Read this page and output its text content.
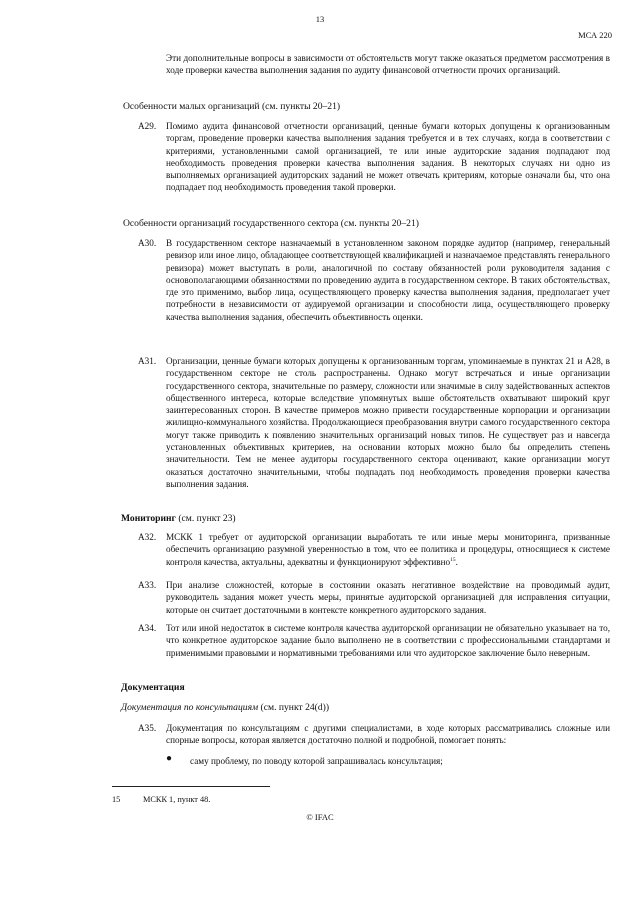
13
МСА 220

Эти дополнительные вопросы в зависимости от обстоятельств могут также оказаться предметом рассмотрения в ходе проверки качества выполнения задания по аудиту финансовой отчетности прочих организаций.

Особенности малых организаций (см. пункты 20–21)
A29. Помимо аудита финансовой отчетности организаций, ценные бумаги которых допущены к организованным торгам, проведение проверки качества выполнения задания требуется и в тех случаях, когда в соответствии с критериями, установленными самой организацией, те или иные аудиторские задания подпадают под необходимость проведения проверки качества выполнения задания. В некоторых случаях ни одно из выполняемых организацией аудиторских заданий не может отвечать критериям, которые означали бы, что она подпадает под необходимость проведения такой проверки.

Особенности организаций государственного сектора (см. пункты 20–21)
A30. В государственном секторе назначаемый в установленном законом порядке аудитор (например, генеральный ревизор или иное лицо, обладающее соответствующей квалификацией и назначаемое представлять генерального ревизора) может выступать в роли, аналогичной по составу обязанностей роли руководителя задания с основополагающими обязанностями по проведению аудита в государственном секторе. В таких обстоятельствах, где это применимо, выбор лица, осуществляющего проверку качества выполнения задания, предполагает учет потребности в независимости от аудируемой организации и способности лица, осуществляющего проверку качества выполнения задания, обеспечить объективность оценки.

A31. Организации, ценные бумаги которых допущены к организованным торгам, упоминаемые в пунктах 21 и A28, в государственном секторе не столь распространены. Однако могут встречаться и иные организации государственного сектора, значительные по размеру, сложности или значимые в силу задействованных аспектов общественного интереса, которые вследствие упомянутых выше обстоятельств охватывают широкий круг заинтересованных сторон. В качестве примеров можно привести государственные корпорации и организации жилищно-коммунального хозяйства. Продолжающиеся преобразования внутри самого государственного сектора могут также приводить к появлению значительных организаций новых типов. Не существует раз и навсегда установленных объективных критериев, на основании которых можно было бы определить степень значительности. Тем не менее аудиторы государственного сектора оценивают, какие организации могут оказаться достаточно значительными, чтобы подпадать под необходимость проведения проверки качества выполнения задания.

Мониторинг (см. пункт 23)
A32. МСКК 1 требует от аудиторской организации выработать те или иные меры мониторинга, призванные обеспечить организацию разумной уверенностью в том, что ее политика и процедуры, относящиеся к системе контроля качества, актуальны, адекватны и функционируют эффективно$^{15}$.

A33. При анализе сложностей, которые в состоянии оказать негативное воздействие на проводимый аудит, руководитель задания может учесть меры, принятые аудиторской организацией для исправления ситуации, которые он считает достаточными в контексте конкретного аудиторского задания.

A34. Тот или иной недостаток в системе контроля качества аудиторской организации не обязательно указывает на то, что конкретное аудиторское задание было выполнено не в соответствии с профессиональными стандартами и применимыми правовыми и нормативными требованиями или что аудиторское заключение было неверным.

Документация
Документация по консультациям (см. пункт 24(d))
A35. Документация по консультациям с другими специалистами, в ходе которых рассматривались сложные или спорные вопросы, которая является достаточно полной и подробной, помогает понять:

● саму проблему, по поводу которой запрашивалась консультация;
15	МСКК 1, пункт 48.
© IFAC
